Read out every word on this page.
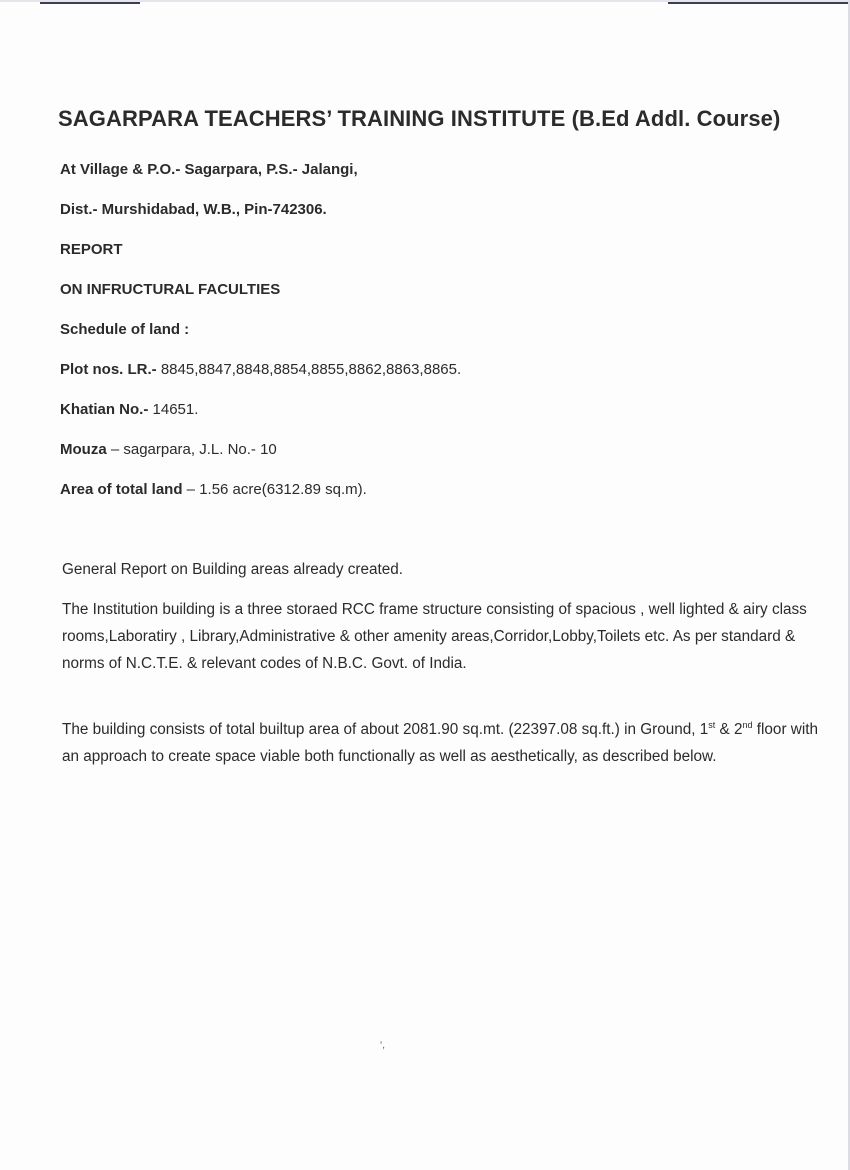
SAGARPARA TEACHERS’ TRAINING INSTITUTE (B.Ed Addl. Course)
At Village & P.O.- Sagarpara, P.S.- Jalangi,
Dist.- Murshidabad, W.B., Pin-742306.
REPORT
ON INFRUCTURAL FACULTIES
Schedule of land :
Plot nos. LR.- 8845,8847,8848,8854,8855,8862,8863,8865.
Khatian No.- 14651.
Mouza – sagarpara, J.L. No.- 10
Area of total land – 1.56 acre(6312.89 sq.m).
General Report on Building areas already created.

The Institution building is a three storaed RCC frame structure consisting of spacious , well lighted & airy class rooms,Laboratiry , Library,Administrative & other amenity areas,Corridor,Lobby,Toilets etc. As per standard & norms of N.C.T.E. & relevant codes of N.B.C. Govt. of India.

The building consists of total builtup area of about 2081.90 sq.mt. (22397.08 sq.ft.) in Ground, 1st & 2nd floor with an approach to create space viable both functionally as well as aesthetically, as described below.

‘,
